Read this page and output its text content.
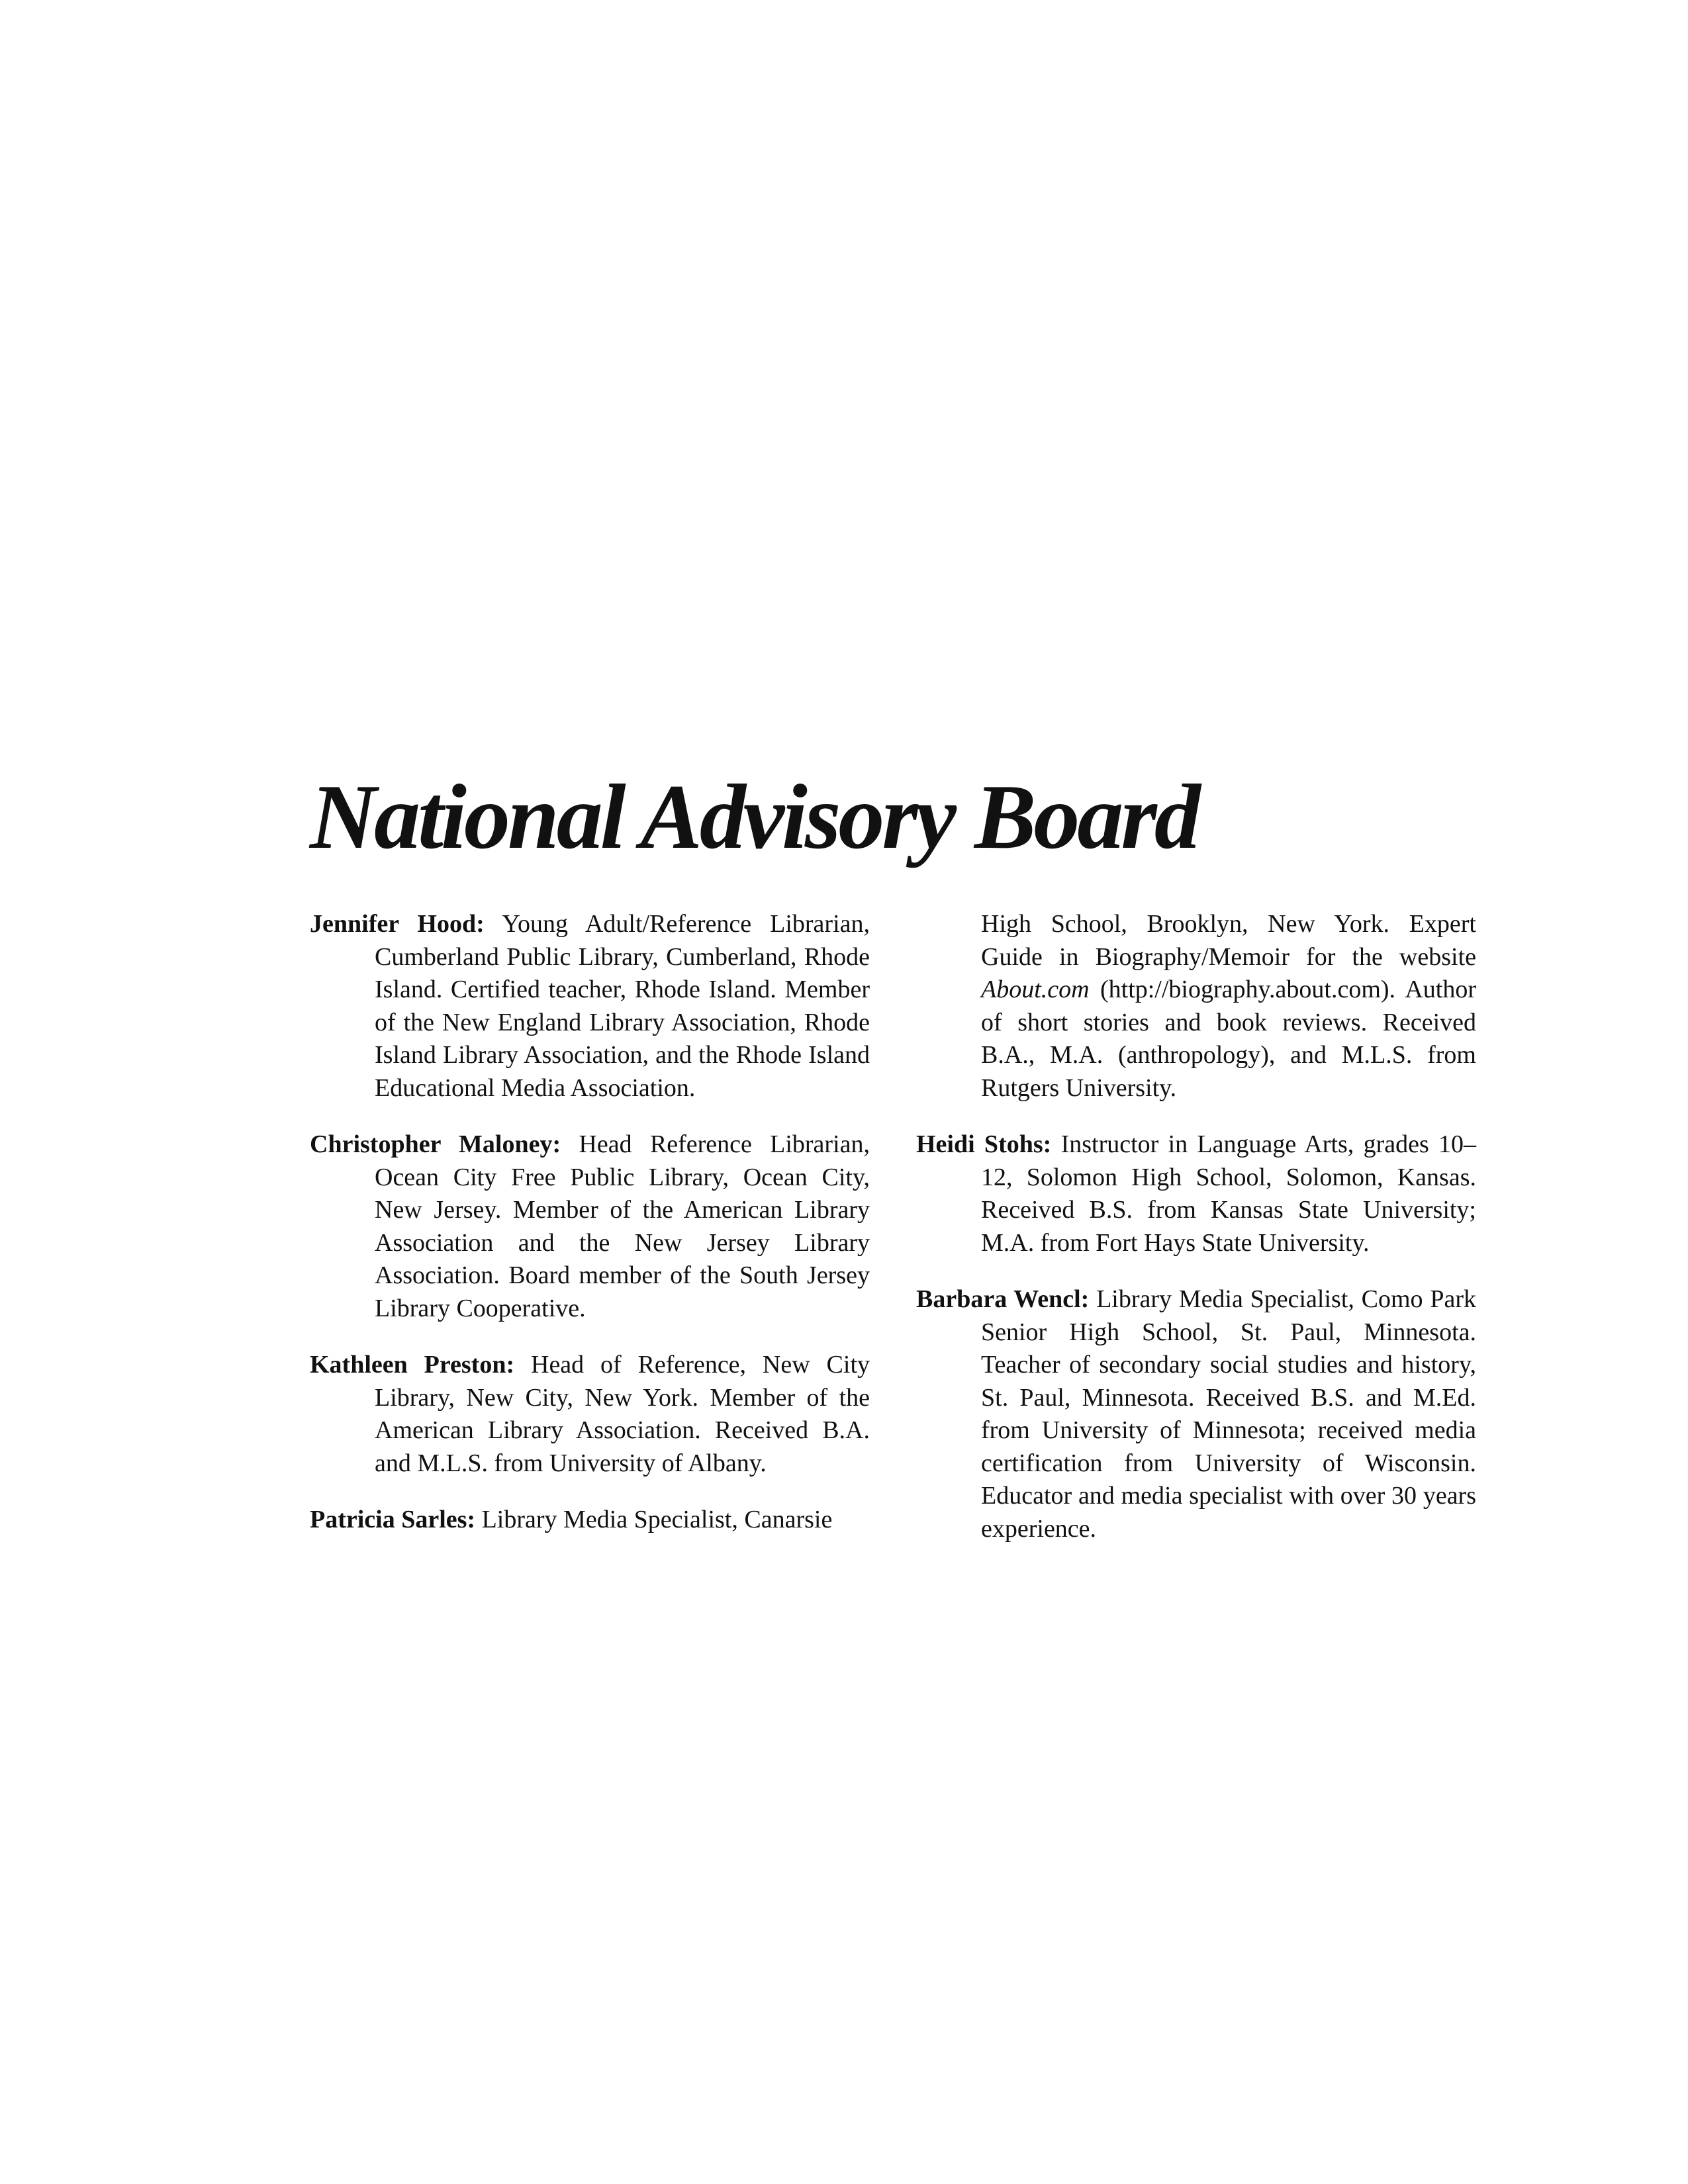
National Advisory Board

Jennifer Hood: Young Adult/Reference Librarian, Cumberland Public Library, Cumberland, Rhode Island. Certified teacher, Rhode Island. Member of the New England Library Association, Rhode Island Library Association, and the Rhode Island Educational Media Association.

Christopher Maloney: Head Reference Librarian, Ocean City Free Public Library, Ocean City, New Jersey. Member of the American Library Association and the New Jersey Library Association. Board member of the South Jersey Library Cooperative.

Kathleen Preston: Head of Reference, New City Library, New City, New York. Member of the American Library Association. Received B.A. and M.L.S. from University of Albany.

Patricia Sarles: Library Media Specialist, Canarsie

High School, Brooklyn, New York. Expert Guide in Biography/Memoir for the website About.com (http://biography.about.com). Author of short stories and book reviews. Received B.A., M.A. (anthropology), and M.L.S. from Rutgers University.

Heidi Stohs: Instructor in Language Arts, grades 10–12, Solomon High School, Solomon, Kansas. Received B.S. from Kansas State University; M.A. from Fort Hays State University.

Barbara Wencl: Library Media Specialist, Como Park Senior High School, St. Paul, Minnesota. Teacher of secondary social studies and history, St. Paul, Minnesota. Received B.S. and M.Ed. from University of Minnesota; received media certification from University of Wisconsin. Educator and media specialist with over 30 years experience.
